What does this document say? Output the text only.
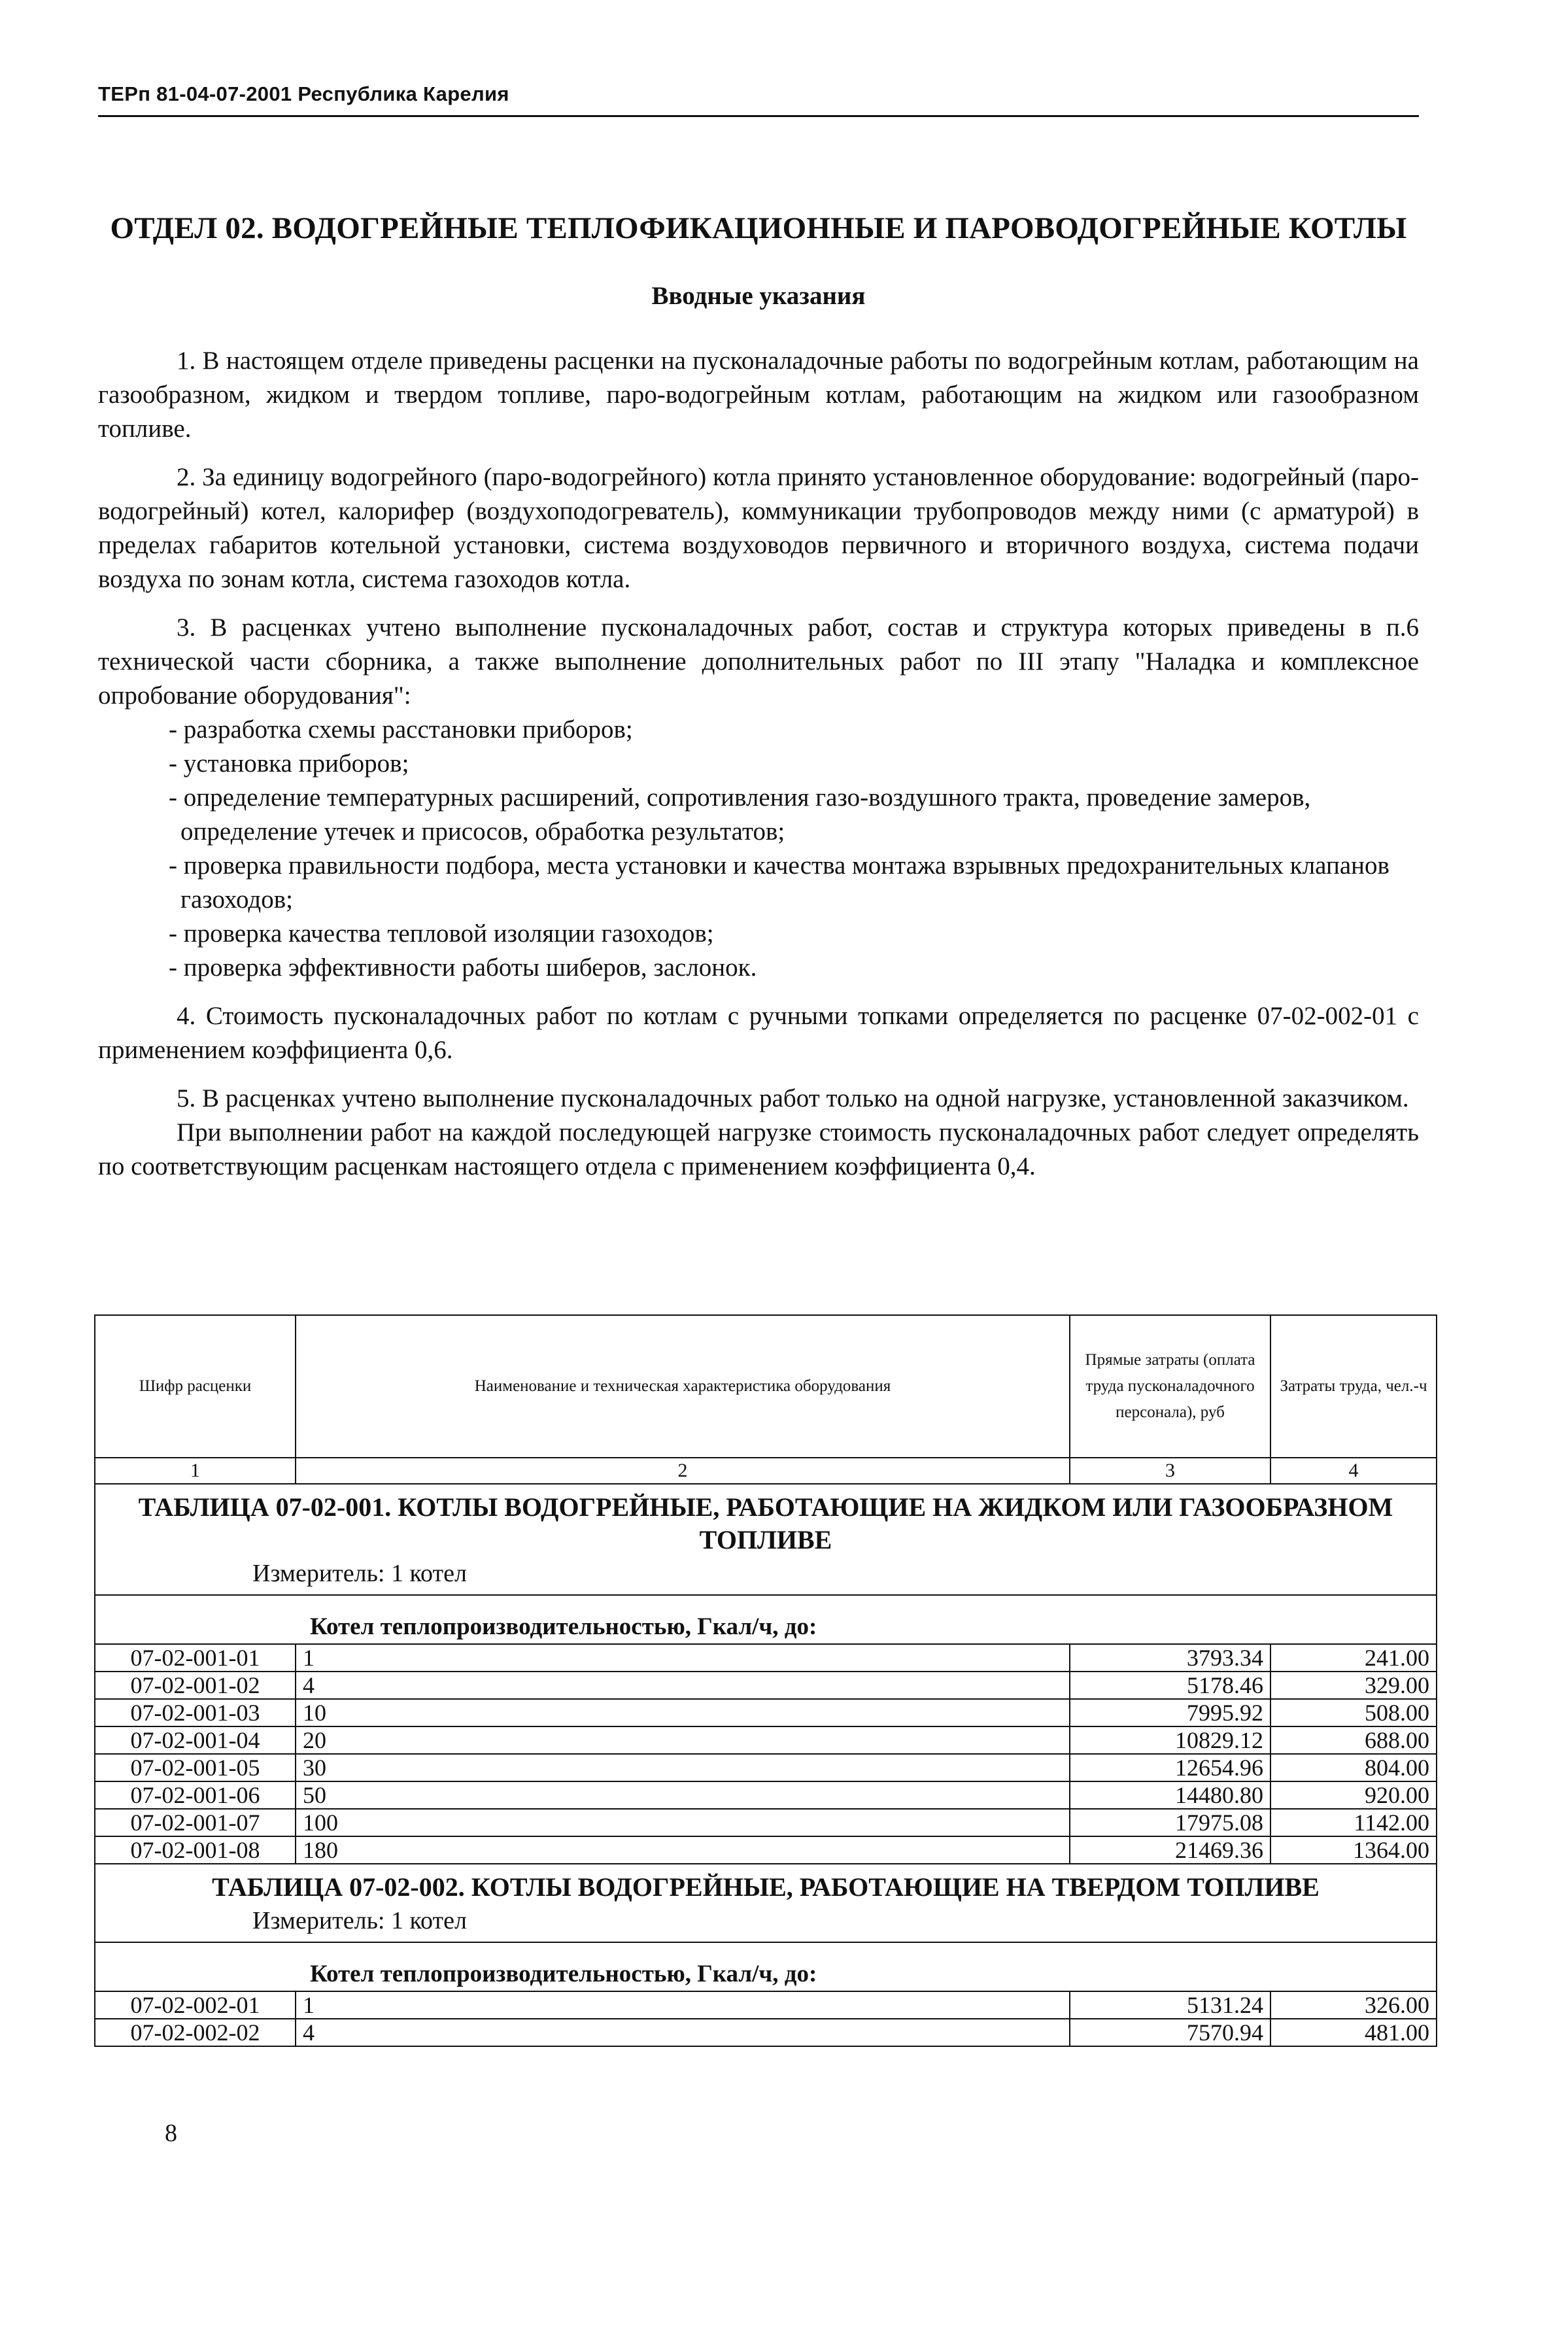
ТЕРп 81-04-07-2001 Республика Карелия
ОТДЕЛ 02. ВОДОГРЕЙНЫЕ ТЕПЛОФИКАЦИОННЫЕ И ПАРОВОДОГРЕЙНЫЕ КОТЛЫ
Вводные указания

1. В настоящем отделе приведены расценки на пусконаладочные работы по водогрейным котлам, работающим на газообразном, жидком и твердом топливе, паро-водогрейным котлам, работающим на жидком или газообразном топливе.

2. За единицу водогрейного (паро-водогрейного) котла принято установленное оборудование: водогрейный (паро-водогрейный) котел, калорифер (воздухоподогреватель), коммуникации трубопроводов между ними (с арматурой) в пределах габаритов котельной установки, система воздуховодов первичного и вторичного воздуха, система подачи воздуха по зонам котла, система газоходов котла.

3. В расценках учтено выполнение пусконаладочных работ, состав и структура которых приведены в п.6 технической части сборника, а также выполнение дополнительных работ по III этапу "Наладка и комплексное опробование оборудования":

- разработка схемы расстановки приборов;

- установка приборов;

- определение температурных расширений, сопротивления газо-воздушного тракта, проведение замеров, определение утечек и присосов, обработка результатов;

- проверка правильности подбора, места установки и качества монтажа взрывных предохранительных клапанов газоходов;

- проверка качества тепловой изоляции газоходов;

- проверка эффективности работы шиберов, заслонок.

4. Стоимость пусконаладочных работ по котлам с ручными топками определяется по расценке 07-02-002-01 с применением коэффициента 0,6.

5. В расценках учтено выполнение пусконаладочных работ только на одной нагрузке, установленной заказчиком.

При выполнении работ на каждой последующей нагрузке стоимость пусконаладочных работ следует определять по соответствующим расценкам настоящего отдела с применением коэффициента 0,4.

Шифр расценки	Наименование и техническая характеристика оборудования	Прямые затраты (оплата труда пусконаладочного персонала), руб	Затраты труда, чел.-ч
1	2	3	4

ТАБЛИЦА 07-02-001. КОТЛЫ ВОДОГРЕЙНЫЕ, РАБОТАЮЩИЕ НА ЖИДКОМ ИЛИ ГАЗООБРАЗНОМ ТОПЛИВЕ
Измеритель: 1 котел			

Котел теплопроизводительностью, Гкал/ч, до:			

07-02-001-01	1	3793.34	241.00
07-02-001-02	4	5178.46	329.00
07-02-001-03	10	7995.92	508.00
07-02-001-04	20	10829.12	688.00
07-02-001-05	30	12654.96	804.00
07-02-001-06	50	14480.80	920.00
07-02-001-07	100	17975.08	1142.00
07-02-001-08	180	21469.36	1364.00

ТАБЛИЦА 07-02-002. КОТЛЫ ВОДОГРЕЙНЫЕ, РАБОТАЮЩИЕ НА ТВЕРДОМ ТОПЛИВЕ
Измеритель: 1 котел			

Котел теплопроизводительностью, Гкал/ч, до:			

07-02-002-01	1	5131.24	326.00
07-02-002-02	4	7570.94	481.00
8
